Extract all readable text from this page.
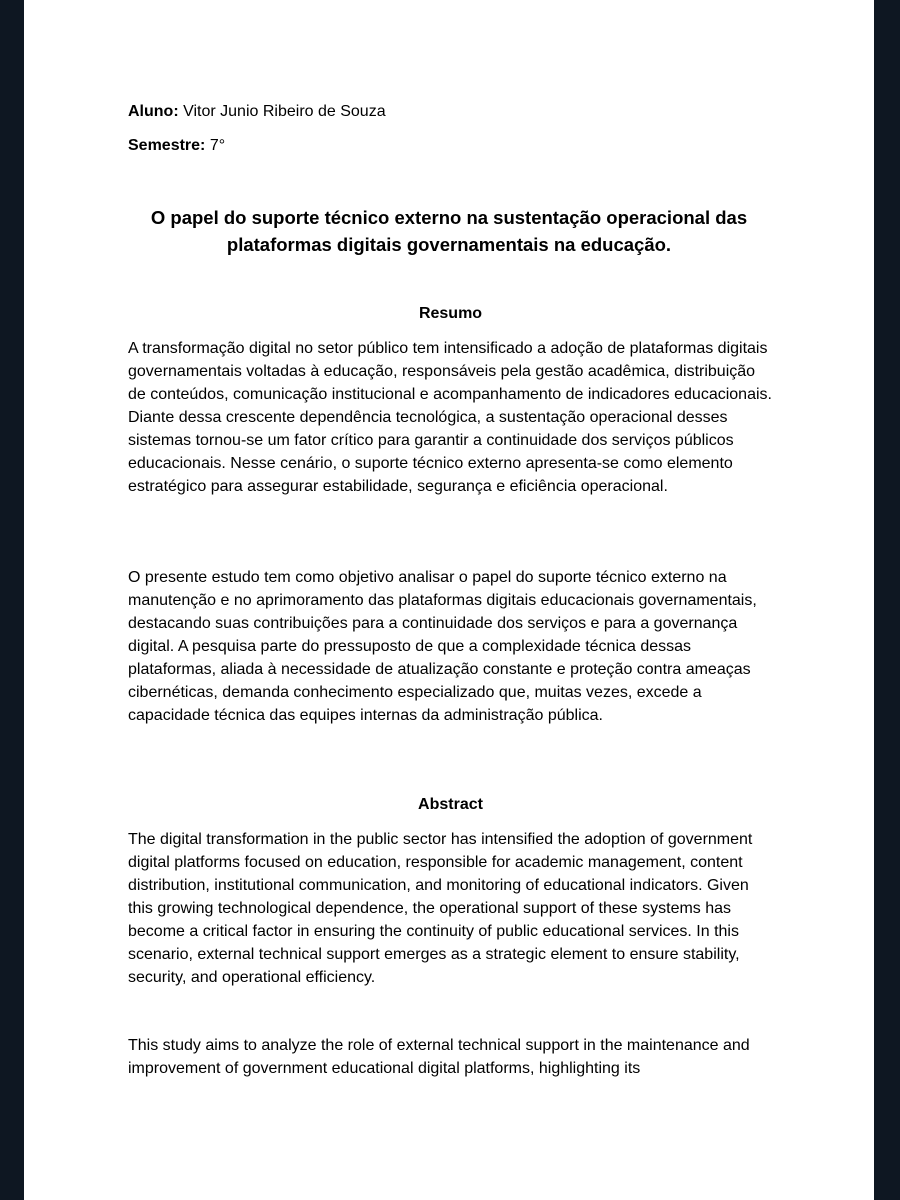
Aluno: Vitor Junio Ribeiro de Souza

Semestre: 7°

O papel do suporte técnico externo na sustentação operacional das plataformas digitais governamentais na educação.
Resumo

A transformação digital no setor público tem intensificado a adoção de plataformas digitais governamentais voltadas à educação, responsáveis pela gestão acadêmica, distribuição de conteúdos, comunicação institucional e acompanhamento de indicadores educacionais. Diante dessa crescente dependência tecnológica, a sustentação operacional desses sistemas tornou-se um fator crítico para garantir a continuidade dos serviços públicos educacionais. Nesse cenário, o suporte técnico externo apresenta-se como elemento estratégico para assegurar estabilidade, segurança e eficiência operacional.

O presente estudo tem como objetivo analisar o papel do suporte técnico externo na manutenção e no aprimoramento das plataformas digitais educacionais governamentais, destacando suas contribuições para a continuidade dos serviços e para a governança digital. A pesquisa parte do pressuposto de que a complexidade técnica dessas plataformas, aliada à necessidade de atualização constante e proteção contra ameaças cibernéticas, demanda conhecimento especializado que, muitas vezes, excede a capacidade técnica das equipes internas da administração pública.

Abstract

The digital transformation in the public sector has intensified the adoption of government digital platforms focused on education, responsible for academic management, content distribution, institutional communication, and monitoring of educational indicators. Given this growing technological dependence, the operational support of these systems has become a critical factor in ensuring the continuity of public educational services. In this scenario, external technical support emerges as a strategic element to ensure stability, security, and operational efficiency.

This study aims to analyze the role of external technical support in the maintenance and improvement of government educational digital platforms, highlighting its
